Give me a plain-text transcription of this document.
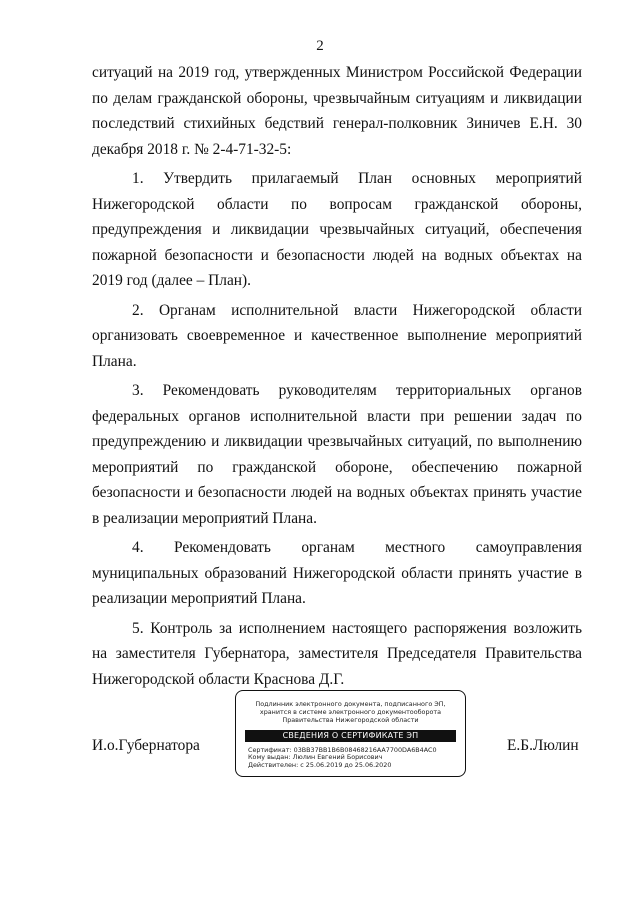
2

ситуаций на 2019 год, утвержденных Министром Российской Федерации по делам гражданской обороны, чрезвычайным ситуациям и ликвидации последствий стихийных бедствий генерал-полковник Зиничев Е.Н. 30 декабря 2018 г. № 2-4-71-32-5:

1. Утвердить прилагаемый План основных мероприятий Нижегородской области по вопросам гражданской обороны, предупреждения и ликвидации чрезвычайных ситуаций, обеспечения пожарной безопасности и безопасности людей на водных объектах на 2019 год (далее – План).

2. Органам исполнительной власти Нижегородской области организовать своевременное и качественное выполнение мероприятий Плана.

3. Рекомендовать руководителям территориальных органов федеральных органов исполнительной власти при решении задач по предупреждению и ликвидации чрезвычайных ситуаций, по выполнению мероприятий по гражданской обороне, обеспечению пожарной безопасности и безопасности людей на водных объектах принять участие в реализации мероприятий Плана.

4. Рекомендовать органам местного самоуправления муниципальных образований Нижегородской области принять участие в реализации мероприятий Плана.

5. Контроль за исполнением настоящего распоряжения возложить на заместителя Губернатора, заместителя Председателя Правительства Нижегородской области Краснова Д.Г.

И.о.Губернатора
Подлинник электронного документа, подписанного ЭП,
хранится в системе электронного документооборота
Правительства Нижегородской области
СВЕДЕНИЯ О СЕРТИФИКАТЕ ЭП
Сертификат: 03BB37BB1B6B08468216AA7700DA6B4AC0
Кому выдан: Люлин Евгений Борисович
Действителен: с 25.06.2019 до 25.06.2020
Е.Б.Люлин
